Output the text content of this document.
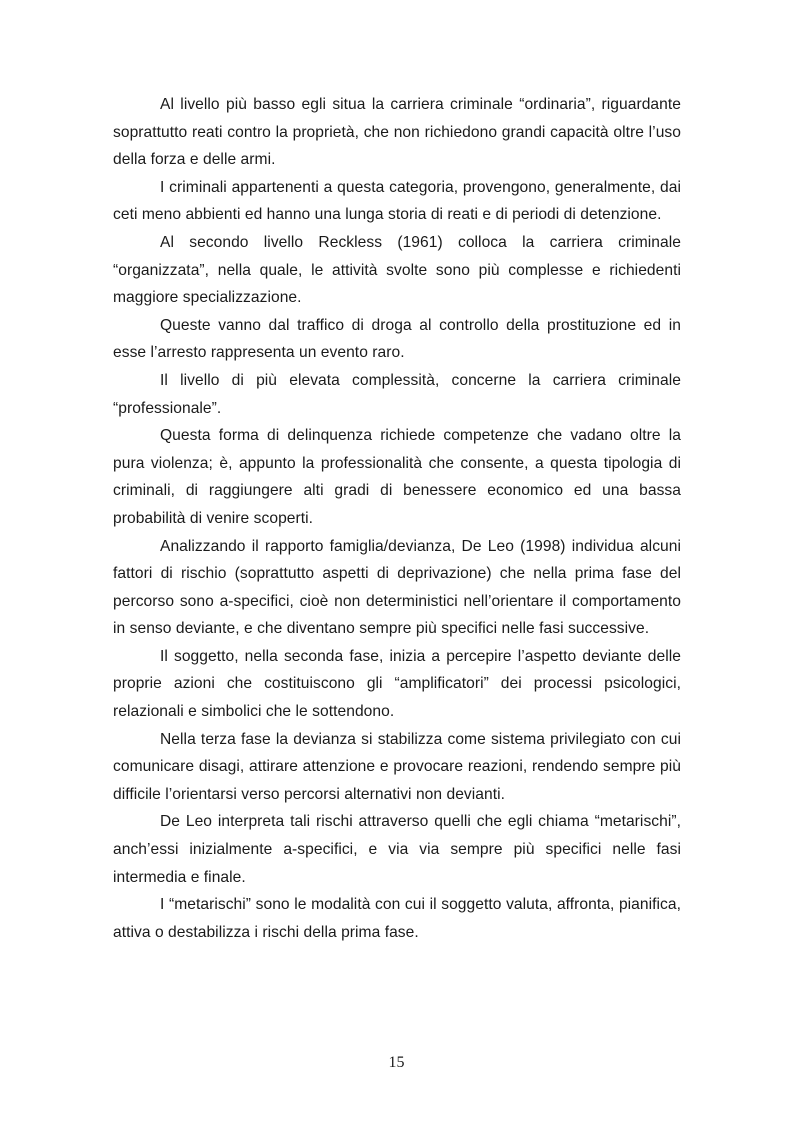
Al livello più basso egli situa la carriera criminale “ordinaria”, riguardante soprattutto reati contro la proprietà, che non richiedono grandi capacità oltre l’uso della forza e delle armi.

I criminali appartenenti a questa categoria, provengono, generalmente, dai ceti meno abbienti ed hanno una lunga storia di reati e di periodi di detenzione.

Al secondo livello Reckless (1961) colloca la carriera criminale “organizzata”, nella quale, le attività svolte sono più complesse e richiedenti maggiore specializzazione.

Queste vanno dal traffico di droga al controllo della prostituzione ed in esse l’arresto rappresenta un evento raro.

Il livello di più elevata complessità, concerne la carriera criminale “professionale”.

Questa forma di delinquenza richiede competenze che vadano oltre la pura violenza; è, appunto la professionalità che consente, a questa tipologia di criminali, di raggiungere alti gradi di benessere economico ed una bassa probabilità di venire scoperti.

Analizzando il rapporto famiglia/devianza, De Leo (1998) individua alcuni fattori di rischio (soprattutto aspetti di deprivazione) che nella prima fase del percorso sono a-specifici, cioè non deterministici nell’orientare il comportamento in senso deviante, e che diventano sempre più specifici nelle fasi successive.

Il soggetto, nella seconda fase, inizia a percepire l’aspetto deviante delle proprie azioni che costituiscono gli “amplificatori” dei processi psicologici, relazionali e simbolici che le sottendono.

Nella terza fase la devianza si stabilizza come sistema privilegiato con cui comunicare disagi, attirare attenzione e provocare reazioni, rendendo sempre più difficile l’orientarsi verso percorsi alternativi non devianti.

De Leo interpreta tali rischi attraverso quelli che egli chiama “metarischi”, anch’essi inizialmente a-specifici, e via via sempre più specifici nelle fasi intermedia e finale.

I “metarischi” sono le modalità con cui il soggetto valuta, affronta, pianifica, attiva o destabilizza i rischi della prima fase.

15
